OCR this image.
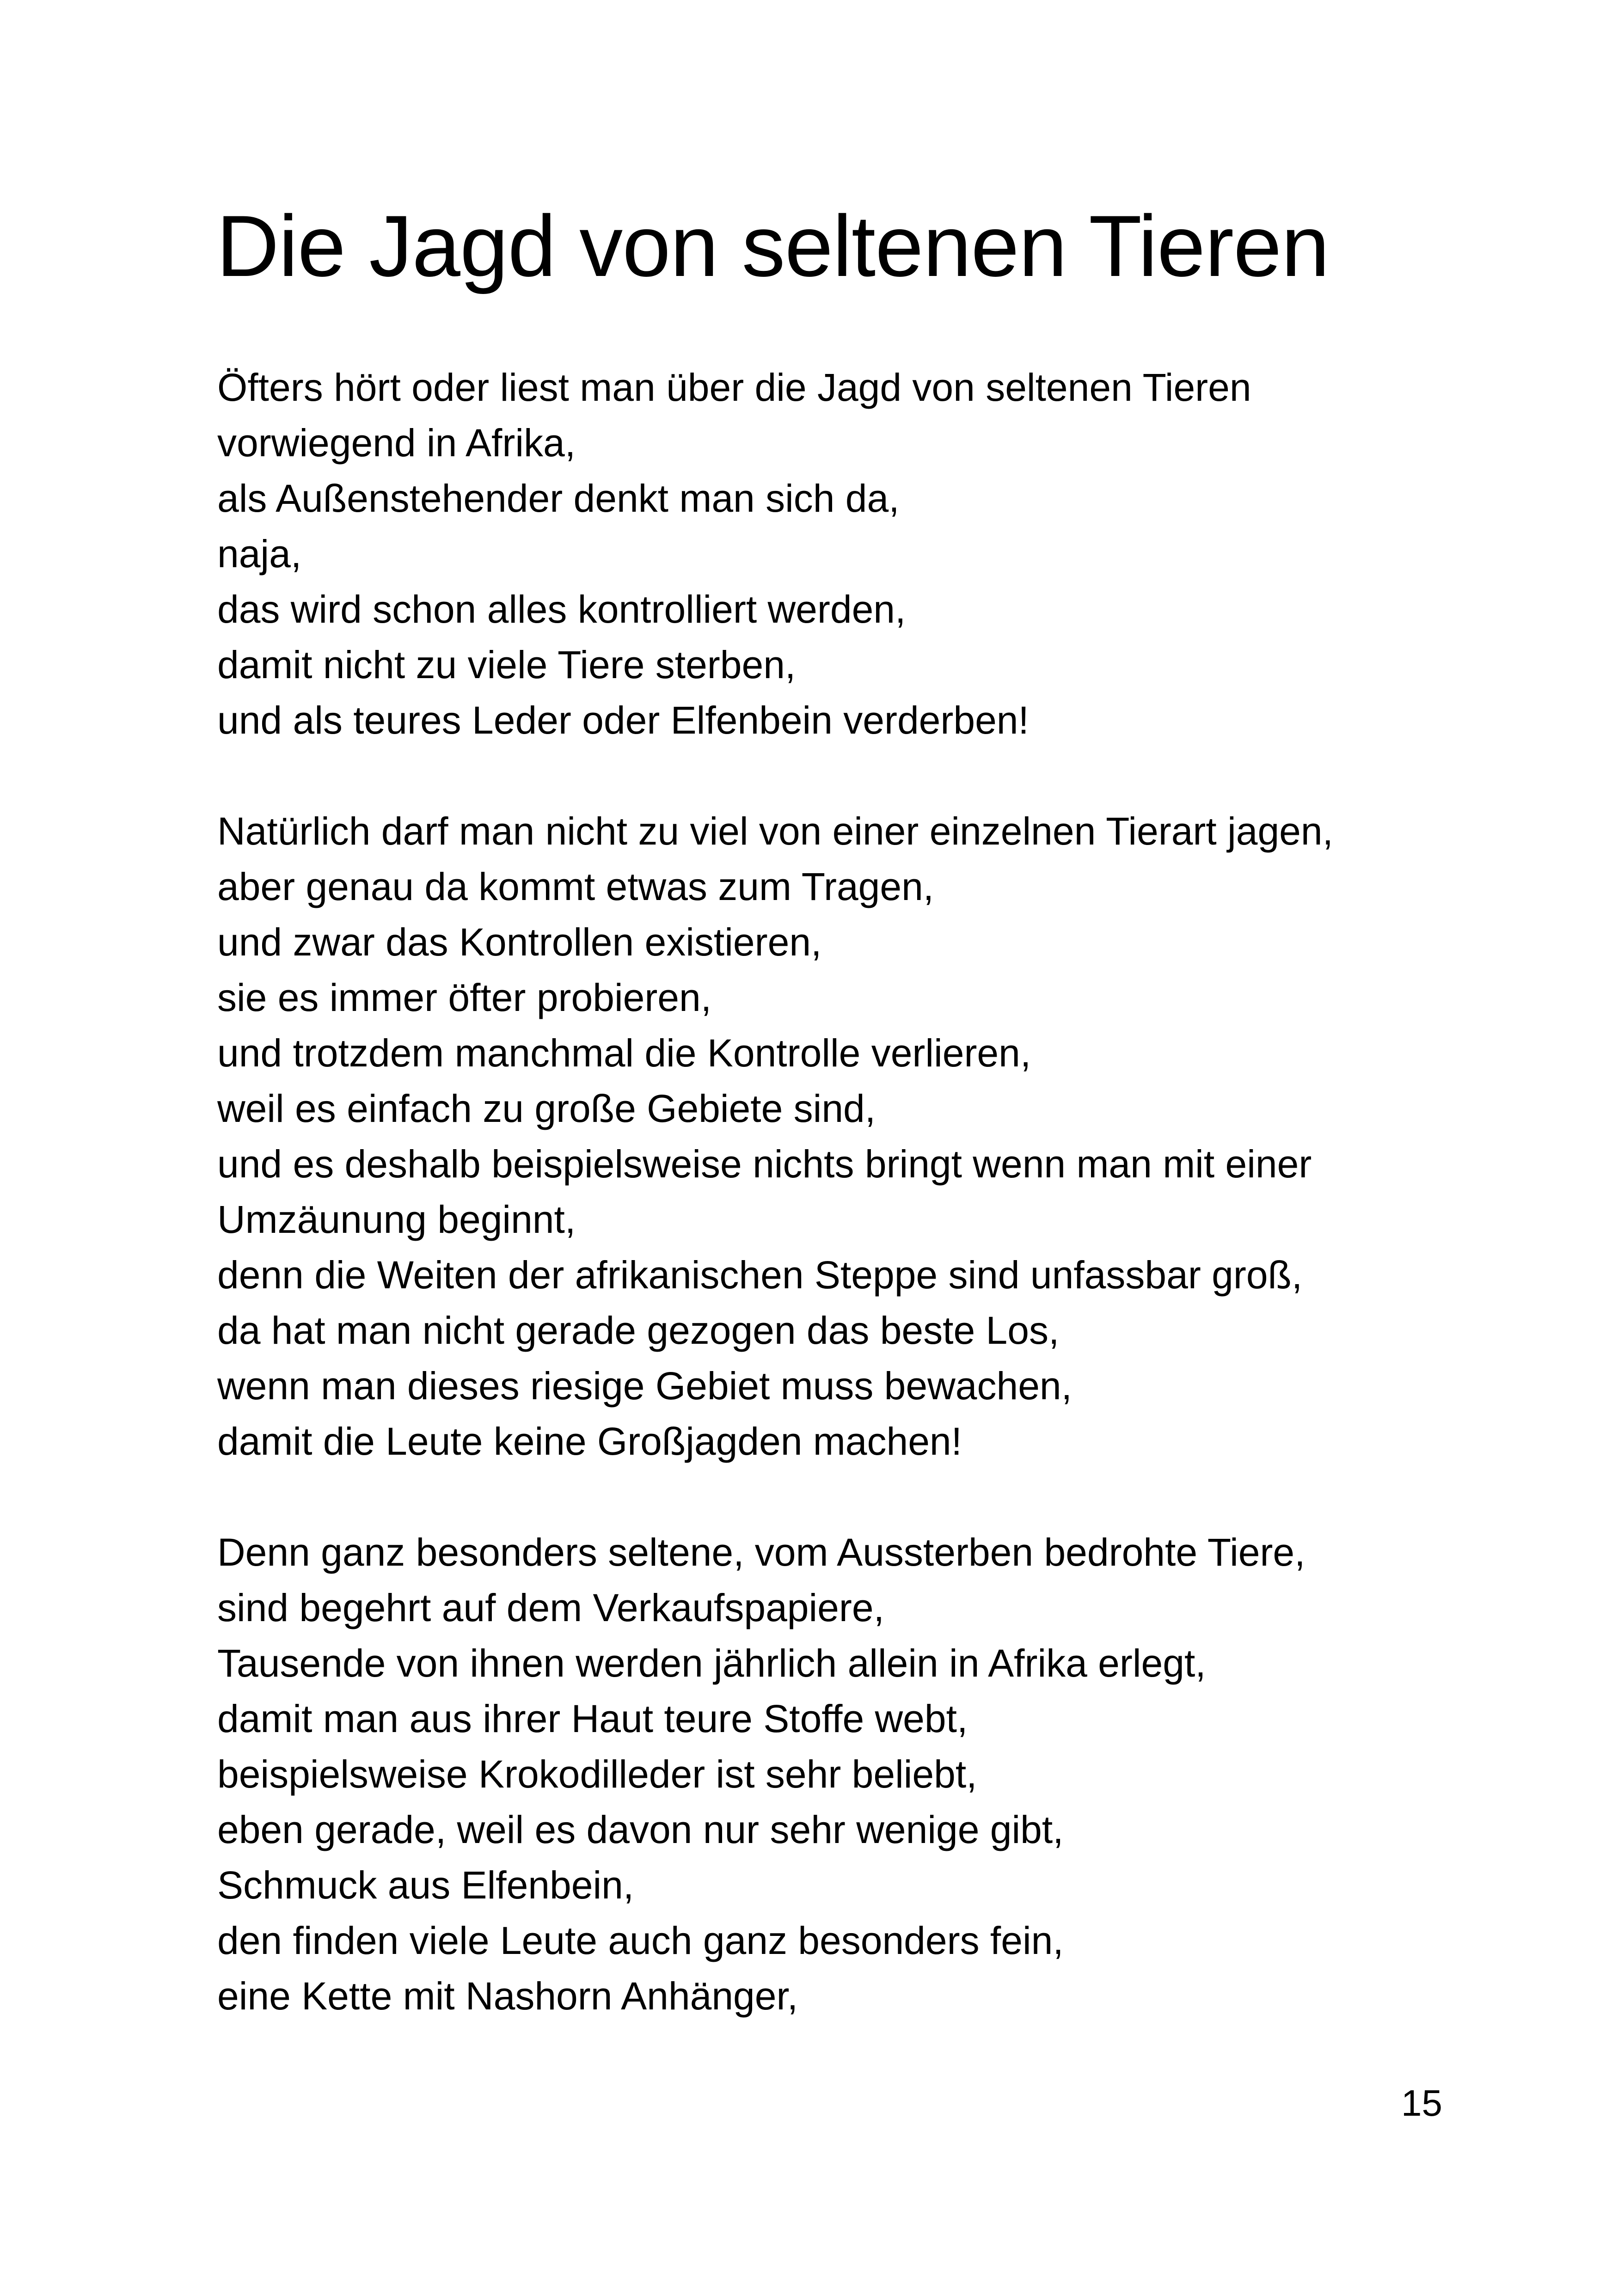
Die Jagd von seltenen Tieren
Öfters hört oder liest man über die Jagd von seltenen Tieren
vorwiegend in Afrika,
als Außenstehender denkt man sich da,
naja,
das wird schon alles kontrolliert werden,
damit nicht zu viele Tiere sterben,
und als teures Leder oder Elfenbein verderben!
Natürlich darf man nicht zu viel von einer einzelnen Tierart jagen,
aber genau da kommt etwas zum Tragen,
und zwar das Kontrollen existieren,
sie es immer öfter probieren,
und trotzdem manchmal die Kontrolle verlieren,
weil es einfach zu große Gebiete sind,
und es deshalb beispielsweise nichts bringt wenn man mit einer
Umzäunung beginnt,
denn die Weiten der afrikanischen Steppe sind unfassbar groß,
da hat man nicht gerade gezogen das beste Los,
wenn man dieses riesige Gebiet muss bewachen,
damit die Leute keine Großjagden machen!
Denn ganz besonders seltene, vom Aussterben bedrohte Tiere,
sind begehrt auf dem Verkaufspapiere,
Tausende von ihnen werden jährlich allein in Afrika erlegt,
damit man aus ihrer Haut teure Stoffe webt,
beispielsweise Krokodilleder ist sehr beliebt,
eben gerade, weil es davon nur sehr wenige gibt,
Schmuck aus Elfenbein,
den finden viele Leute auch ganz besonders fein,
eine Kette mit Nashorn Anhänger,
15
